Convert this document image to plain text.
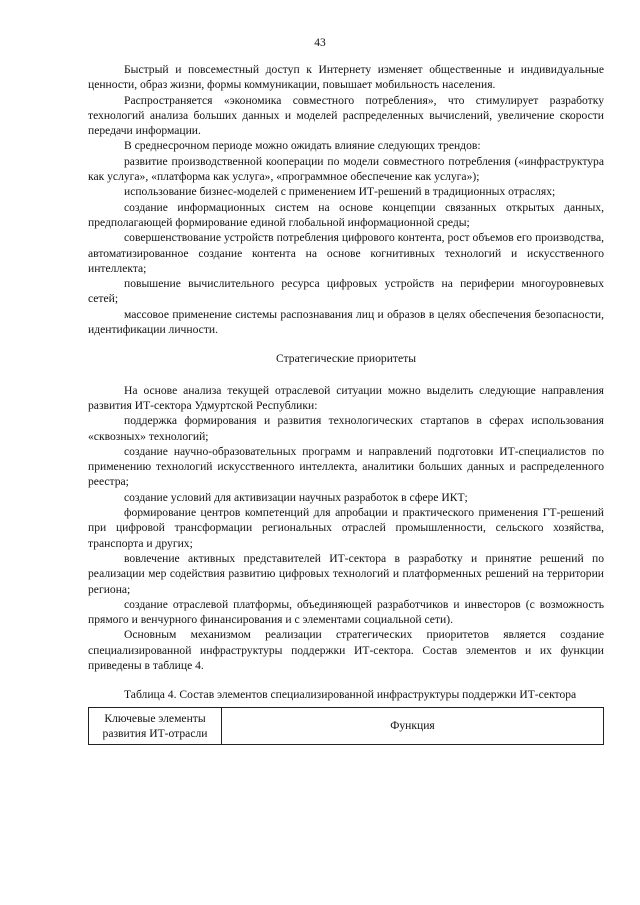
43

Быстрый и повсеместный доступ к Интернету изменяет общественные и индивидуальные ценности, образ жизни, формы коммуникации, повышает мобильность населения.

Распространяется «экономика совместного потребления», что стимулирует разработку технологий анализа больших данных и моделей распределенных вычислений, увеличение скорости передачи информации.

В среднесрочном периоде можно ожидать влияние следующих трендов:

развитие производственной кооперации по модели совместного потребления («инфраструктура как услуга», «платформа как услуга», «программное обеспечение как услуга»);

использование бизнес-моделей с применением ИТ-решений в традиционных отраслях;

создание информационных систем на основе концепции связанных открытых данных, предполагающей формирование единой глобальной информационной среды;

совершенствование устройств потребления цифрового контента, рост объемов его производства, автоматизированное создание контента на основе когнитивных технологий и искусственного интеллекта;

повышение вычислительного ресурса цифровых устройств на периферии многоуровневых сетей;

массовое применение системы распознавания лиц и образов в целях обеспечения безопасности, идентификации личности.

Стратегические приоритеты

На основе анализа текущей отраслевой ситуации можно выделить следующие направления развития ИТ-сектора Удмуртской Республики:

поддержка формирования и развития технологических стартапов в сферах использования «сквозных» технологий;

создание научно-образовательных программ и направлений подготовки ИТ-специалистов по применению технологий искусственного интеллекта, аналитики больших данных и распределенного реестра;

создание условий для активизации научных разработок в сфере ИКТ;

формирование центров компетенций для апробации и практического применения ГТ-решений при цифровой трансформации региональных отраслей промышленности, сельского хозяйства, транспорта и других;

вовлечение активных представителей ИТ-сектора в разработку и принятие решений по реализации мер содействия развитию цифровых технологий и платформенных решений на территории региона;

создание отраслевой платформы, объединяющей разработчиков и инвесторов (с возможность прямого и венчурного финансирования и с элементами социальной сети).

Основным механизмом реализации стратегических приоритетов является создание специализированной инфраструктуры поддержки ИТ-сектора. Состав элементов и их функции приведены в таблице 4.

Таблица 4. Состав элементов специализированной инфраструктуры поддержки ИТ-сектора

Ключевые элементы развития ИТ-отрасли	Функция
